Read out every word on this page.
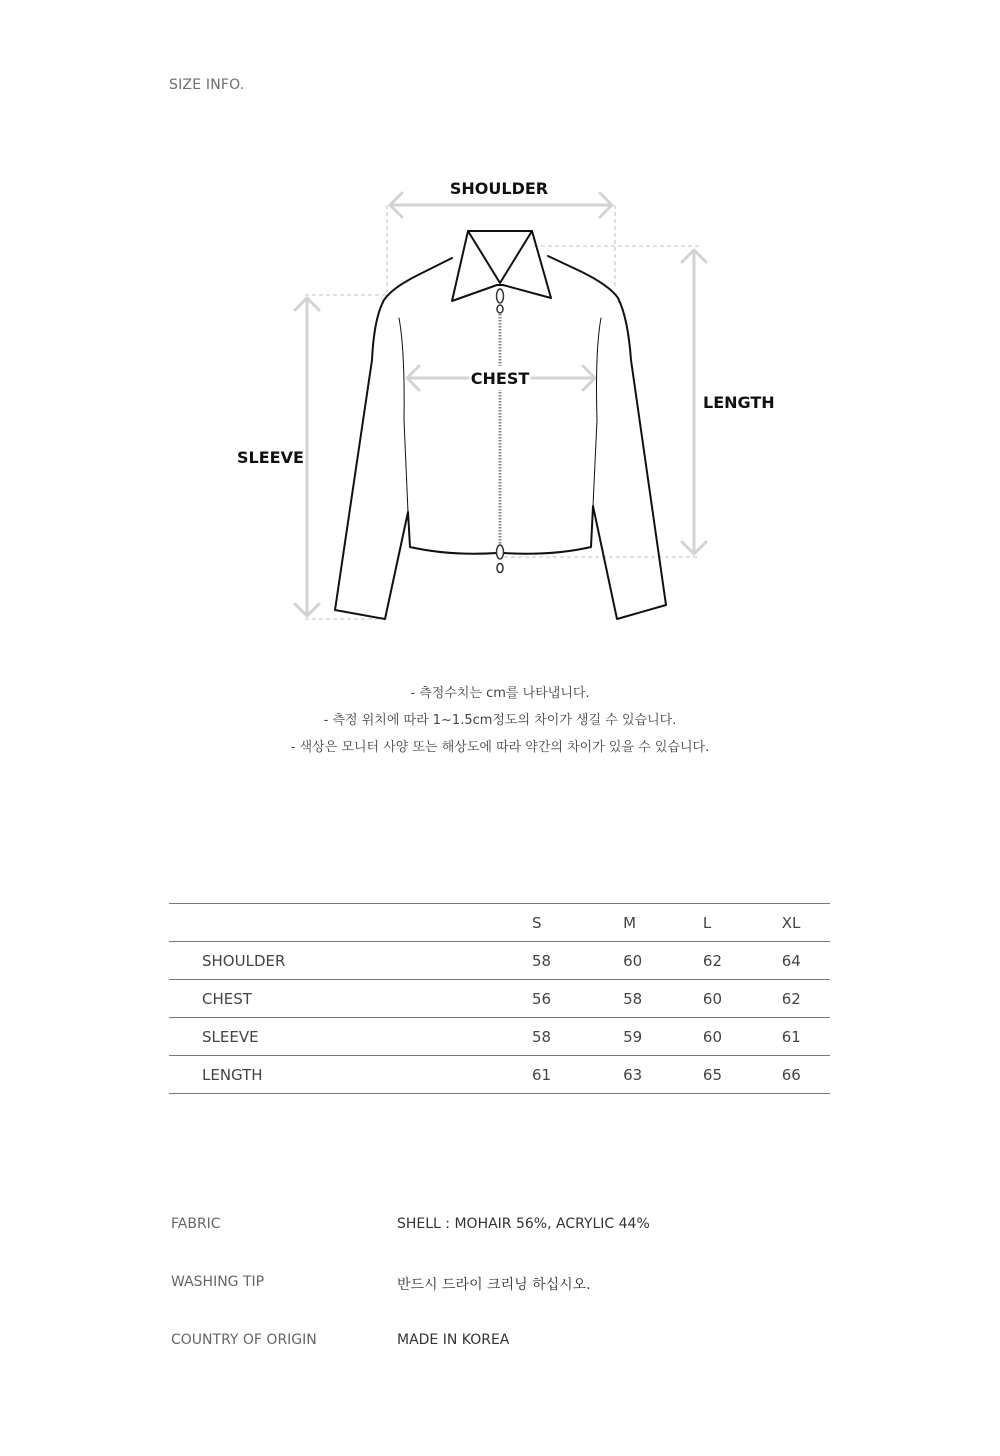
SIZE INFO.
SHOULDER
CHEST
LENGTH
SLEEVE
- 측정수치는 cm를 나타냅니다.
- 측정 위치에 따라 1~1.5cm정도의 차이가 생길 수 있습니다.
- 색상은 모니터 사양 또는 해상도에 따라 약간의 차이가 있을 수 있습니다.
	S	M	L	XL
SHOULDER	58	60	62	64
CHEST	56	58	60	62
SLEEVE	58	59	60	61
LENGTH	61	63	65	66
FABRIC	SHELL : MOHAIR 56%, ACRYLIC 44%
WASHING TIP	반드시 드라이 크리닝 하십시오.
COUNTRY OF ORIGIN	MADE IN KOREA
